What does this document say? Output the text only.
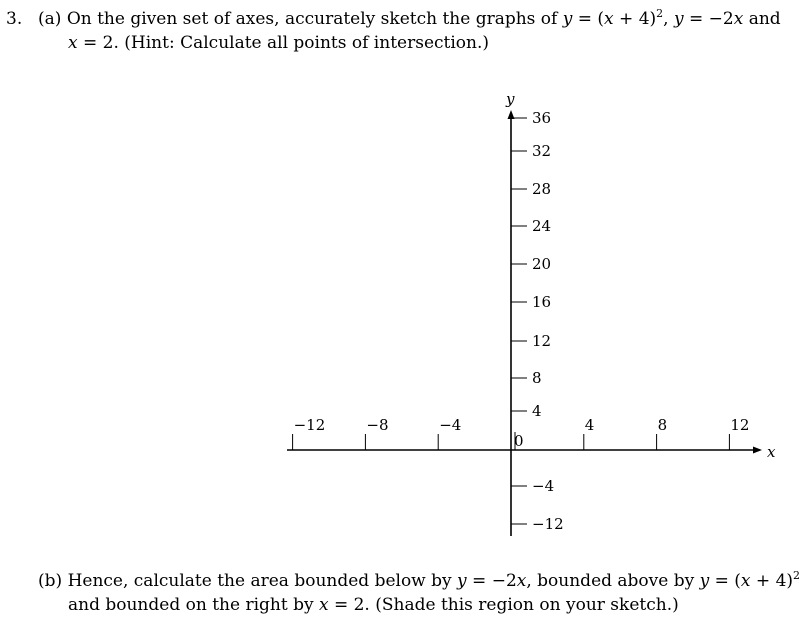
3. (a) On the given set of axes, accurately sketch the graphs of $y = (x + 4)^2$, y = −2x and
x = 2. (Hint: Calculate all points of intersection.)
(b) Hence, calculate the area bounded below by y = −2x, bounded above by $y = (x + 4)^2$
and bounded on the right by x = 2. (Shade this region on your sketch.)
−12	−8	−4	4	8	12
36
32
28
24
20
16
12
8
4
−4
−12
x
y
0
